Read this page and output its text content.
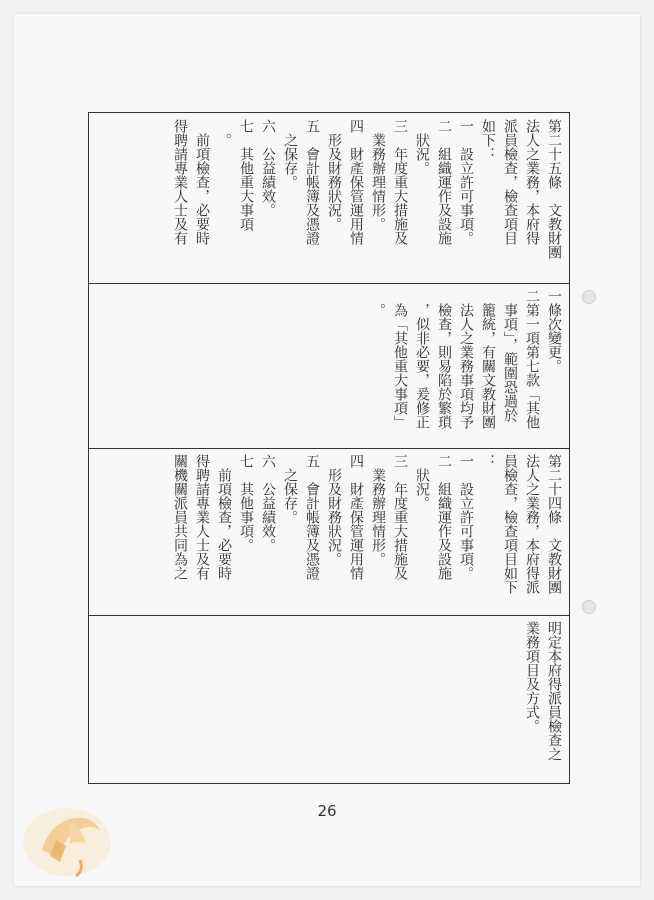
第二十五條　文教財團
法人之業務，本府得
派員檢查，檢查項目
如下：
一　設立許可事項。
二　組織運作及設施
狀況。
三　年度重大措施及
業務辦理情形。
四　財產保管運用情
形及財務狀況。
五　會計帳簿及憑證
之保存。
六　公益績效。
七　其他重大事項
。
前項檢查，必要時
得聘請專業人士及有
一條次變更。
二第一項第七款「其他
事項」，範圍恐過於
籠統，有關文教財團
法人之業務事項均予
檢查，則易陷於繁瑣
，似非必要，爰修正
為「其他重大事項」
。
第二十四條　文教財團
法人之業務，本府得派
員檢查，檢查項目如下
：
一　設立許可事項。
二　組織運作及設施
狀況。
三　年度重大措施及
業務辦理情形。
四　財產保管運用情
形及財務狀況。
五　會計帳簿及憑證
之保存。
六　公益績效。
七　其他事項。
前項檢查，必要時
得聘請專業人士及有
關機關派員共同為之
明定本府得派員檢查之
業務項目及方式。
26
